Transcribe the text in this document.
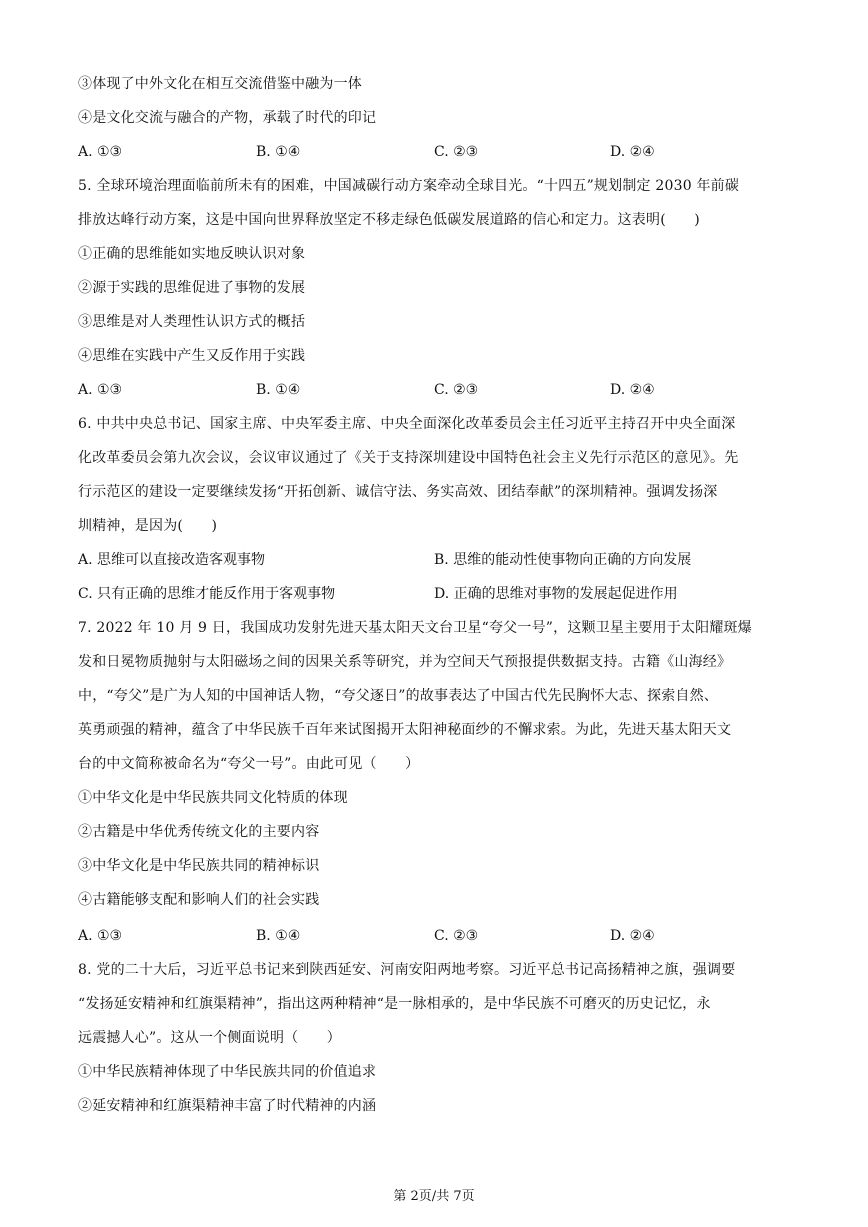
③体现了中外文化在相互交流借鉴中融为一体
④是文化交流与融合的产物，承载了时代的印记
A. ①③	B. ①④	C. ②③	D. ②④
5. 全球环境治理面临前所未有的困难，中国减碳行动方案牵动全球目光。“十四五”规划制定 2030 年前碳
排放达峰行动方案，这是中国向世界释放坚定不移走绿色低碳发展道路的信心和定力。这表明(　　)
①正确的思维能如实地反映认识对象
②源于实践的思维促进了事物的发展
③思维是对人类理性认识方式的概括
④思维在实践中产生又反作用于实践
A. ①③	B. ①④	C. ②③	D. ②④
6. 中共中央总书记、国家主席、中央军委主席、中央全面深化改革委员会主任习近平主持召开中央全面深
化改革委员会第九次会议，会议审议通过了《关于支持深圳建设中国特色社会主义先行示范区的意见》。先
行示范区的建设一定要继续发扬“开拓创新、诚信守法、务实高效、团结奉献”的深圳精神。强调发扬深
圳精神，是因为(　　)
A. 思维可以直接改造客观事物	B. 思维的能动性使事物向正确的方向发展
C. 只有正确的思维才能反作用于客观事物	D. 正确的思维对事物的发展起促进作用
7. 2022 年 10 月 9 日，我国成功发射先进天基太阳天文台卫星“夸父一号”，这颗卫星主要用于太阳耀斑爆
发和日冕物质抛射与太阳磁场之间的因果关系等研究，并为空间天气预报提供数据支持。古籍《山海经》
中，“夸父”是广为人知的中国神话人物，“夸父逐日”的故事表达了中国古代先民胸怀大志、探索自然、
英勇顽强的精神，蕴含了中华民族千百年来试图揭开太阳神秘面纱的不懈求索。为此，先进天基太阳天文
台的中文简称被命名为“夸父一号”。由此可见（　　）
①中华文化是中华民族共同文化特质的体现
②古籍是中华优秀传统文化的主要内容
③中华文化是中华民族共同的精神标识
④古籍能够支配和影响人们的社会实践
A. ①③	B. ①④	C. ②③	D. ②④
8. 党的二十大后，习近平总书记来到陕西延安、河南安阳两地考察。习近平总书记高扬精神之旗，强调要
“发扬延安精神和红旗渠精神”，指出这两种精神“是一脉相承的，是中华民族不可磨灭的历史记忆，永
远震撼人心”。这从一个侧面说明（　　）
①中华民族精神体现了中华民族共同的价值追求
②延安精神和红旗渠精神丰富了时代精神的内涵
第 2页/共 7页
